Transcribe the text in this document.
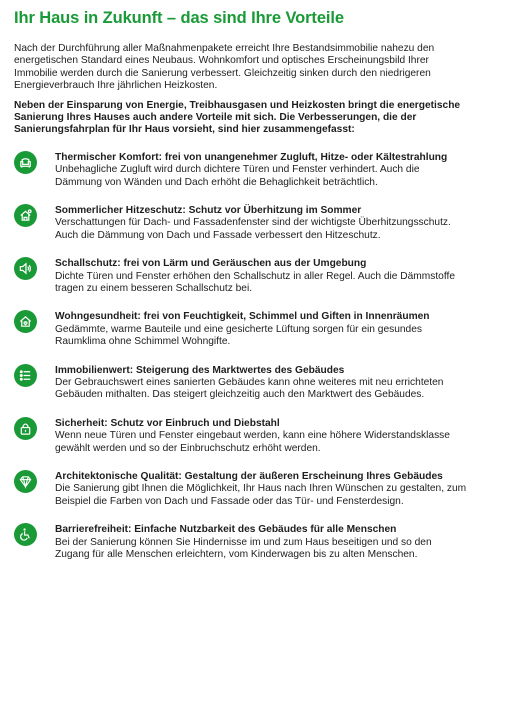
Ihr Haus in Zukunft – das sind Ihre Vorteile
Nach der Durchführung aller Maßnahmenpakete erreicht Ihre Bestandsimmobilie nahezu den
energetischen Standard eines Neubaus. Wohnkomfort und optisches Erscheinungsbild Ihrer
Immobilie werden durch die Sanierung verbessert. Gleichzeitig sinken durch den niedrigeren
Energieverbrauch Ihre jährlichen Heizkosten.
Neben der Einsparung von Energie, Treibhausgasen und Heizkosten bringt die energetische
Sanierung Ihres Hauses auch andere Vorteile mit sich. Die Verbesserungen, die der
Sanierungsfahrplan für Ihr Haus vorsieht, sind hier zusammengefasst:
Thermischer Komfort: frei von unangenehmer Zugluft, Hitze- oder Kältestrahlung
Unbehagliche Zugluft wird durch dichtere Türen und Fenster verhindert. Auch die
Dämmung von Wänden und Dach erhöht die Behaglichkeit beträchtlich.
Sommerlicher Hitzeschutz: Schutz vor Überhitzung im Sommer
Verschattungen für Dach- und Fassadenfenster sind der wichtigste Überhitzungsschutz.
Auch die Dämmung von Dach und Fassade verbessert den Hitzeschutz.
Schallschutz: frei von Lärm und Geräuschen aus der Umgebung
Dichte Türen und Fenster erhöhen den Schallschutz in aller Regel. Auch die Dämmstoffe
tragen zu einem besseren Schallschutz bei.
Wohngesundheit: frei von Feuchtigkeit, Schimmel und Giften in Innenräumen
Gedämmte, warme Bauteile und eine gesicherte Lüftung sorgen für ein gesundes
Raumklima ohne Schimmel Wohngifte.
Immobilienwert: Steigerung des Marktwertes des Gebäudes
Der Gebrauchswert eines sanierten Gebäudes kann ohne weiteres mit neu errichteten
Gebäuden mithalten. Das steigert gleichzeitig auch den Marktwert des Gebäudes.
Sicherheit: Schutz vor Einbruch und Diebstahl
Wenn neue Türen und Fenster eingebaut werden, kann eine höhere Widerstandsklasse
gewählt werden und so der Einbruchschutz erhöht werden.
Architektonische Qualität: Gestaltung der äußeren Erscheinung Ihres Gebäudes
Die Sanierung gibt Ihnen die Möglichkeit, Ihr Haus nach Ihren Wünschen zu gestalten, zum
Beispiel die Farben von Dach und Fassade oder das Tür- und Fensterdesign.
Barrierefreiheit: Einfache Nutzbarkeit des Gebäudes für alle Menschen
Bei der Sanierung können Sie Hindernisse im und zum Haus beseitigen und so den
Zugang für alle Menschen erleichtern, vom Kinderwagen bis zu alten Menschen.
